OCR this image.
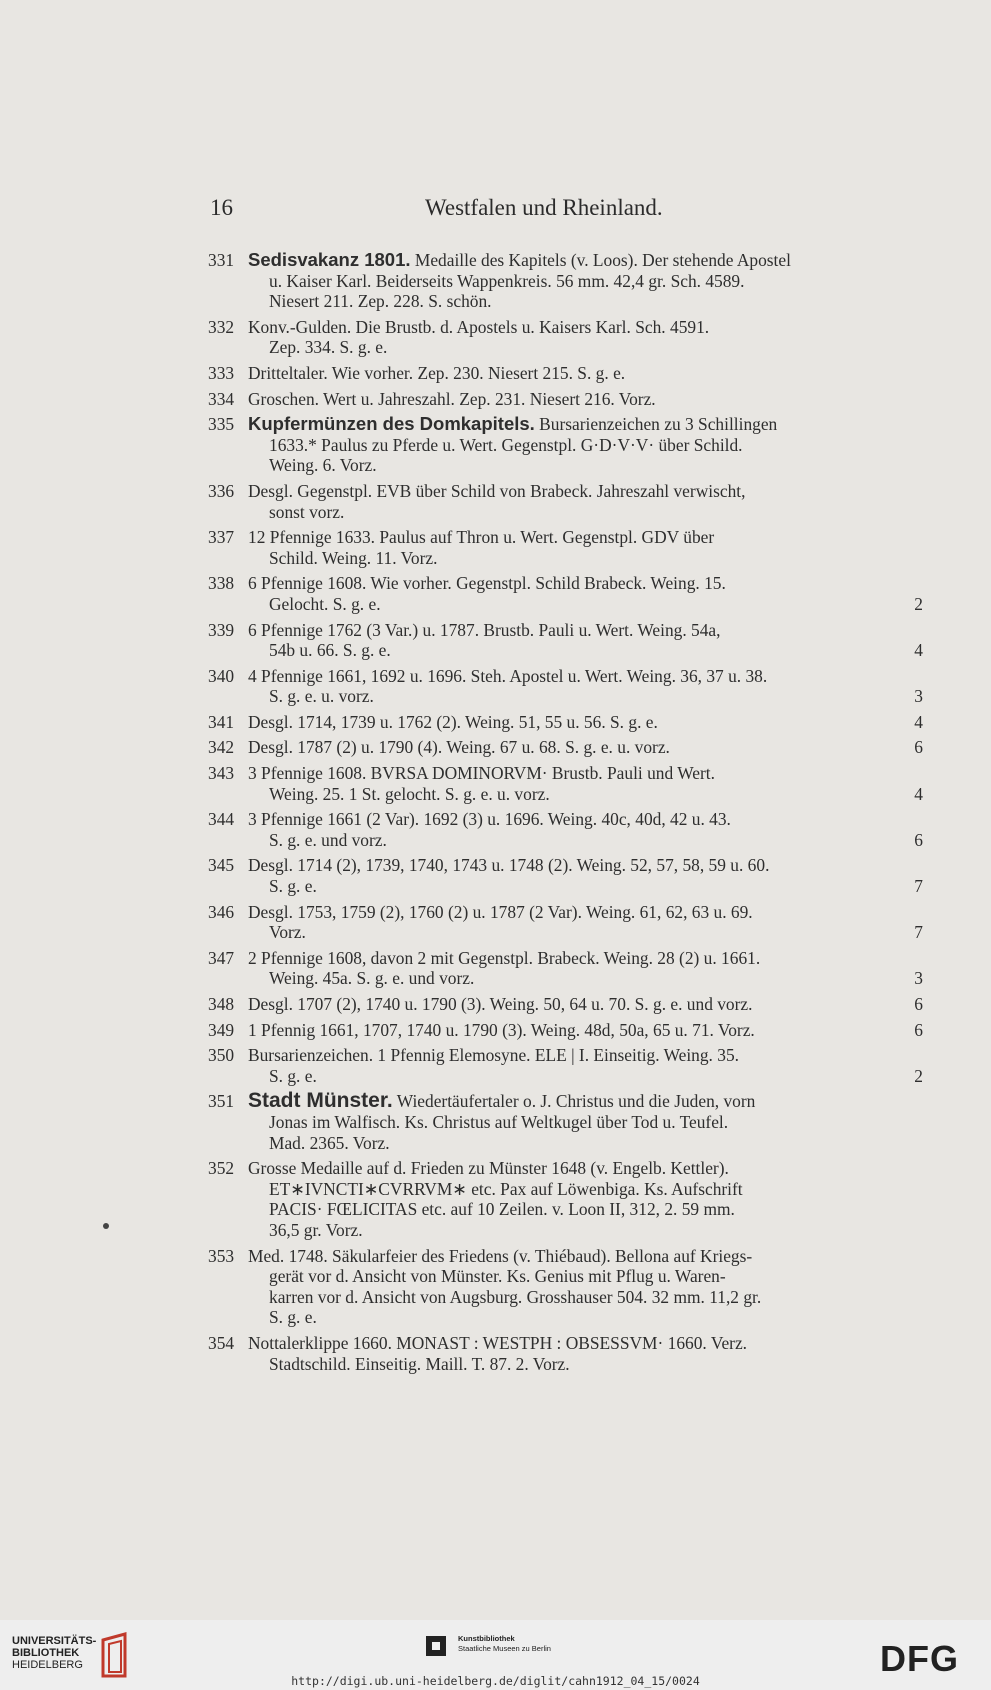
16	Westfalen und Rheinland.
331 Sedisvakanz 1801. Medaille des Kapitels (v. Loos). Der stehende Apostel
u. Kaiser Karl. Beiderseits Wappenkreis. 56 mm. 42,4 gr. Sch. 4589.
Niesert 211. Zep. 228. S. schön.
332 Konv.-Gulden. Die Brustb. d. Apostels u. Kaisers Karl. Sch. 4591.
Zep. 334. S. g. e.
333 Dritteltaler. Wie vorher. Zep. 230. Niesert 215. S. g. e.
334 Groschen. Wert u. Jahreszahl. Zep. 231. Niesert 216. Vorz.
335 Kupfermünzen des Domkapitels. Bursarienzeichen zu 3 Schillingen
1633.* Paulus zu Pferde u. Wert. Gegenstpl. G·D·V·V· über Schild.
Weing. 6. Vorz.
336 Desgl. Gegenstpl. EVB über Schild von Brabeck. Jahreszahl verwischt,
sonst vorz.
337 12 Pfennige 1633. Paulus auf Thron u. Wert. Gegenstpl. GDV über
Schild. Weing. 11. Vorz.
338 6 Pfennige 1608. Wie vorher. Gegenstpl. Schild Brabeck. Weing. 15.
Gelocht. S. g. e.	2
339 6 Pfennige 1762 (3 Var.) u. 1787. Brustb. Pauli u. Wert. Weing. 54a,
54b u. 66. S. g. e.	4
340 4 Pfennige 1661, 1692 u. 1696. Steh. Apostel u. Wert. Weing. 36, 37 u. 38.
S. g. e. u. vorz.	3
341 Desgl. 1714, 1739 u. 1762 (2). Weing. 51, 55 u. 56. S. g. e.	4
342 Desgl. 1787 (2) u. 1790 (4). Weing. 67 u. 68. S. g. e. u. vorz.	6
343 3 Pfennige 1608. BVRSA DOMINORVM· Brustb. Pauli und Wert.
Weing. 25. 1 St. gelocht. S. g. e. u. vorz.	4
344 3 Pfennige 1661 (2 Var). 1692 (3) u. 1696. Weing. 40c, 40d, 42 u. 43.
S. g. e. und vorz.	6
345 Desgl. 1714 (2), 1739, 1740, 1743 u. 1748 (2). Weing. 52, 57, 58, 59 u. 60.
S. g. e.	7
346 Desgl. 1753, 1759 (2), 1760 (2) u. 1787 (2 Var). Weing. 61, 62, 63 u. 69.
Vorz.	7
347 2 Pfennige 1608, davon 2 mit Gegenstpl. Brabeck. Weing. 28 (2) u. 1661.
Weing. 45a. S. g. e. und vorz.	3
348 Desgl. 1707 (2), 1740 u. 1790 (3). Weing. 50, 64 u. 70. S. g. e. und vorz.	6
349 1 Pfennig 1661, 1707, 1740 u. 1790 (3). Weing. 48d, 50a, 65 u. 71. Vorz.	6
350 Bursarienzeichen. 1 Pfennig Elemosyne. ELE | I. Einseitig. Weing. 35.
S. g. e.	2
351 Stadt Münster. Wiedertäufertaler o. J. Christus und die Juden, vorn
Jonas im Walfisch. Ks. Christus auf Weltkugel über Tod u. Teufel.
Mad. 2365. Vorz.
352 Grosse Medaille auf d. Frieden zu Münster 1648 (v. Engelb. Kettler).
ET∗IVNCTI∗CVRRVM∗ etc. Pax auf Löwenbiga. Ks. Aufschrift
PACIS· FŒLICITAS etc. auf 10 Zeilen. v. Loon II, 312, 2. 59 mm.
36,5 gr. Vorz.
353 Med. 1748. Säkularfeier des Friedens (v. Thiébaud). Bellona auf Kriegs-
gerät vor d. Ansicht von Münster. Ks. Genius mit Pflug u. Waren-
karren vor d. Ansicht von Augsburg. Grosshauser 504. 32 mm. 11,2 gr.
S. g. e.
354 Nottalerklippe 1660. MONAST : WESTPH : OBSESSVM· 1660. Verz.
Stadtschild. Einseitig. Maill. T. 87. 2. Vorz.
UNIVERSITÄTS-
BIBLIOTHEK
HEIDELBERG
Kunstbibliothek
Staatliche Museen zu Berlin	DFG
http://digi.ub.uni-heidelberg.de/diglit/cahn1912_04_15/0024
